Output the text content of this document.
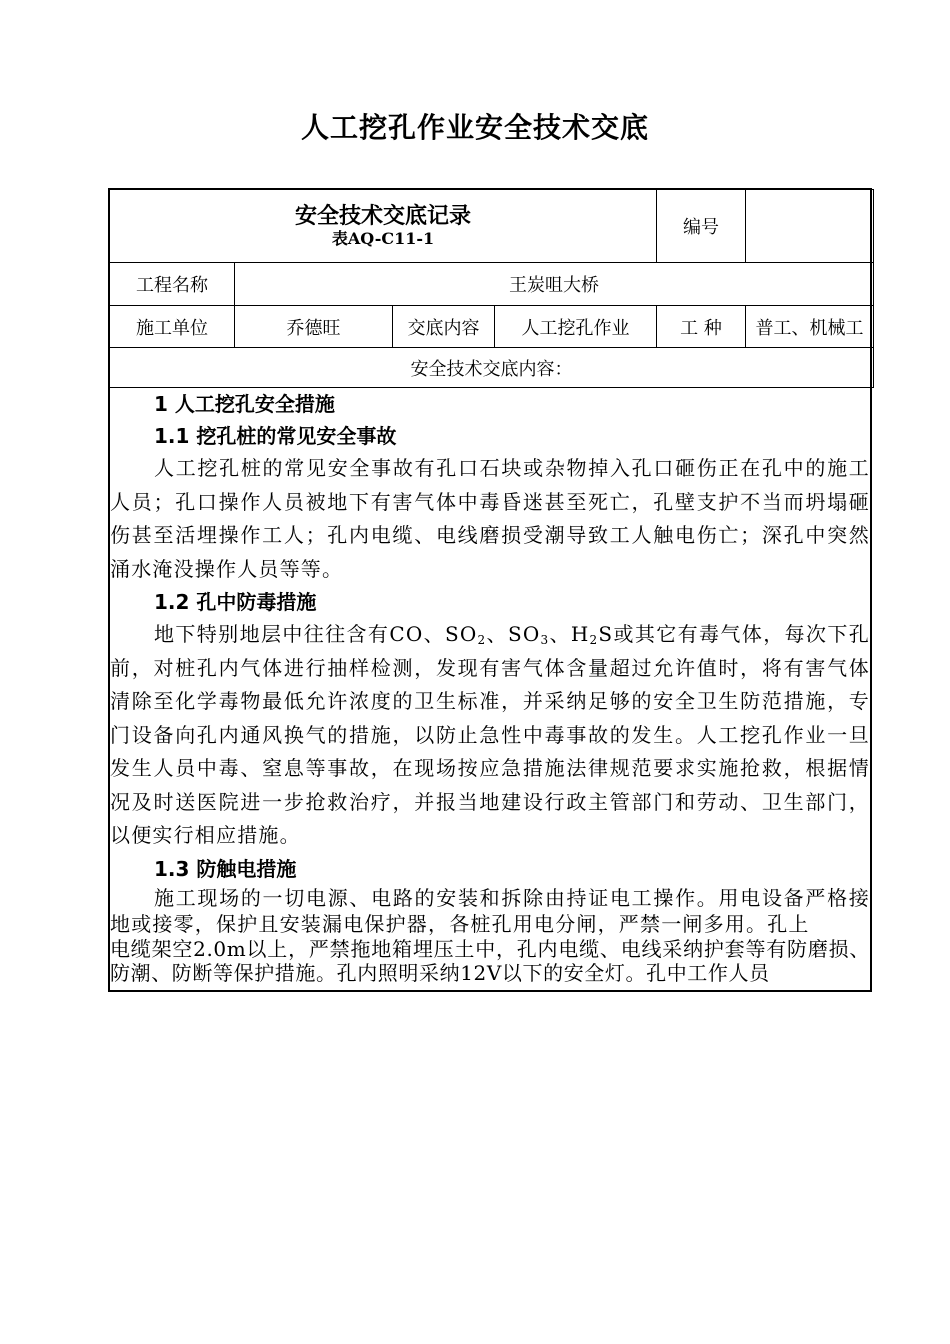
人工挖孔作业安全技术交底
安全技术交底记录
表AQ-C11-1				编号	
工程名称	王炭咀大桥				
施工单位	乔德旺	交底内容	人工挖孔作业	工 种	普工、机械工
安全技术交底内容：					
1 人工挖孔安全措施
1.1 挖孔桩的常见安全事故
人工挖孔桩的常见安全事故有孔口石块或杂物掉入孔口砸伤正在孔中的施工人员；孔口操作人员被地下有害气体中毒昏迷甚至死亡，孔壁支护不当而坍塌砸伤甚至活埋操作工人；孔内电缆、电线磨损受潮导致工人触电伤亡；深孔中突然涌水淹没操作人员等等。
1.2 孔中防毒措施
地下特别地层中往往含有CO、$SO_2$、$SO_3$、$H_2S$或其它有毒气体，每次下孔前，对桩孔内气体进行抽样检测，发现有害气体含量超过允许值时，将有害气体清除至化学毒物最低允许浓度的卫生标准，并采纳足够的安全卫生防范措施，专门设备向孔内通风换气的措施，以防止急性中毒事故的发生。人工挖孔作业一旦发生人员中毒、窒息等事故，在现场按应急措施法律规范要求实施抢救，根据情况及时送医院进一步抢救治疗，并报当地建设行政主管部门和劳动、卫生部门，以便实行相应措施。
1.3 防触电措施
施工现场的一切电源、电路的安装和拆除由持证电工操作。用电设备严格接地或接零，保护且安装漏电保护器，各桩孔用电分闸，严禁一闸多用。孔上
电缆架空2.0m以上，严禁拖地箱埋压土中，孔内电缆、电线采纳护套等有防磨损、防潮、防断等保护措施。孔内照明采纳12V以下的安全灯。孔中工作人员
